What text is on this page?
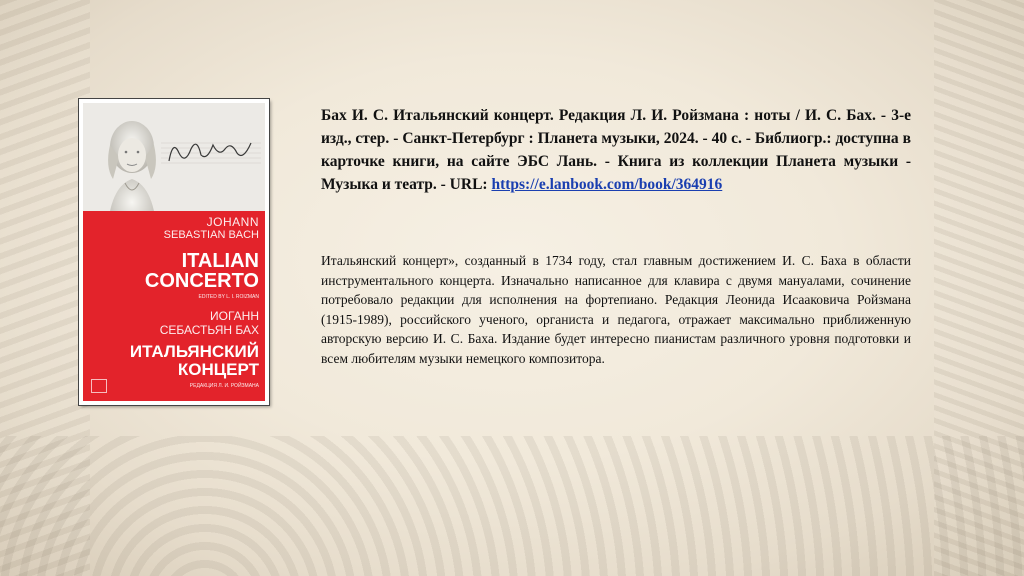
JOHANN
SEBASTIAN BACH
ITALIAN
CONCERTO
EDITED BY L. I. ROIZMAN
ИОГАНН
СЕБАСТЬЯН БАХ
ИТАЛЬЯНСКИЙ
КОНЦЕРТ
РЕДАКЦИЯ Л. И. РОЙЗМАНА
Бах И. С. Итальянский концерт. Редакция Л. И. Ройзмана : ноты / И. С. Бах. - 3-е изд., стер. - Санкт-Петербург : Планета музыки, 2024. - 40 с. - Библиогр.: доступна в карточке книги, на сайте ЭБС Лань. - Книга из коллекции Планета музыки - Музыка и театр. - URL: https://e.lanbook.com/book/364916
Итальянский концерт», созданный в 1734 году, стал главным достижением И. С. Баха в области инструментального концерта. Изначально написанное для клавира с двумя мануалами, сочинение потребовало редакции для исполнения на фортепиано. Редакция Леонида Исааковича Ройзмана (1915-1989), российского ученого, органиста и педагога, отражает максимально приближенную авторскую версию И. С. Баха. Издание будет интересно пианистам различного уровня подготовки и всем любителям музыки немецкого композитора.
